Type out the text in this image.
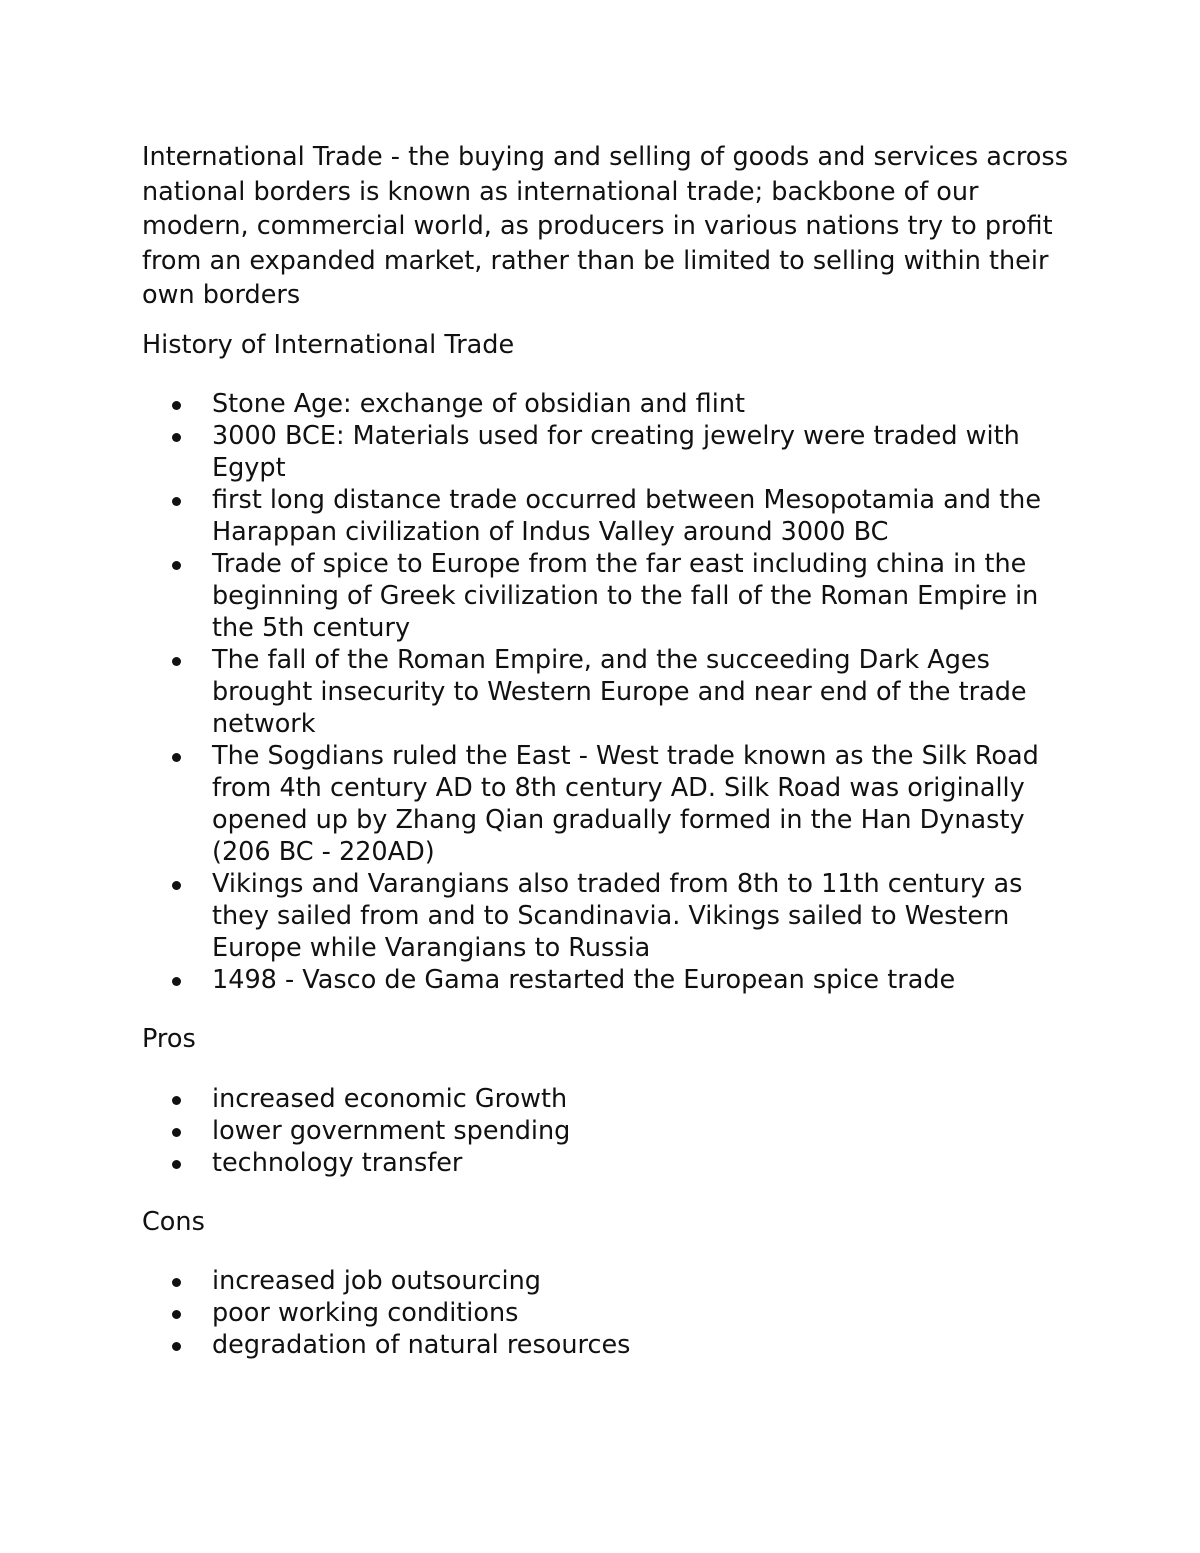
International Trade - the buying and selling of goods and services across national borders is known as international trade; backbone of our modern, commercial world, as producers in various nations try to profit from an expanded market, rather than be limited to selling within their own borders

History of International Trade

Stone Age: exchange of obsidian and flint
3000 BCE: Materials used for creating jewelry were traded with Egypt
first long distance trade occurred between Mesopotamia and the Harappan civilization of Indus Valley around 3000 BC
Trade of spice to Europe from the far east including china in the beginning of Greek civilization to the fall of the Roman Empire in the 5th century
The fall of the Roman Empire, and the succeeding Dark Ages brought insecurity to Western Europe and near end of the trade network
The Sogdians ruled the East - West trade known as the Silk Road from 4th century AD to 8th century AD. Silk Road was originally opened up by Zhang Qian gradually formed in the Han Dynasty (206 BC - 220AD)
Vikings and Varangians also traded from 8th to 11th century as they sailed from and to Scandinavia. Vikings sailed to Western Europe while Varangians to Russia
1498 - Vasco de Gama restarted the European spice trade

Pros

increased economic Growth
lower government spending
technology transfer

Cons

increased job outsourcing
poor working conditions
degradation of natural resources
